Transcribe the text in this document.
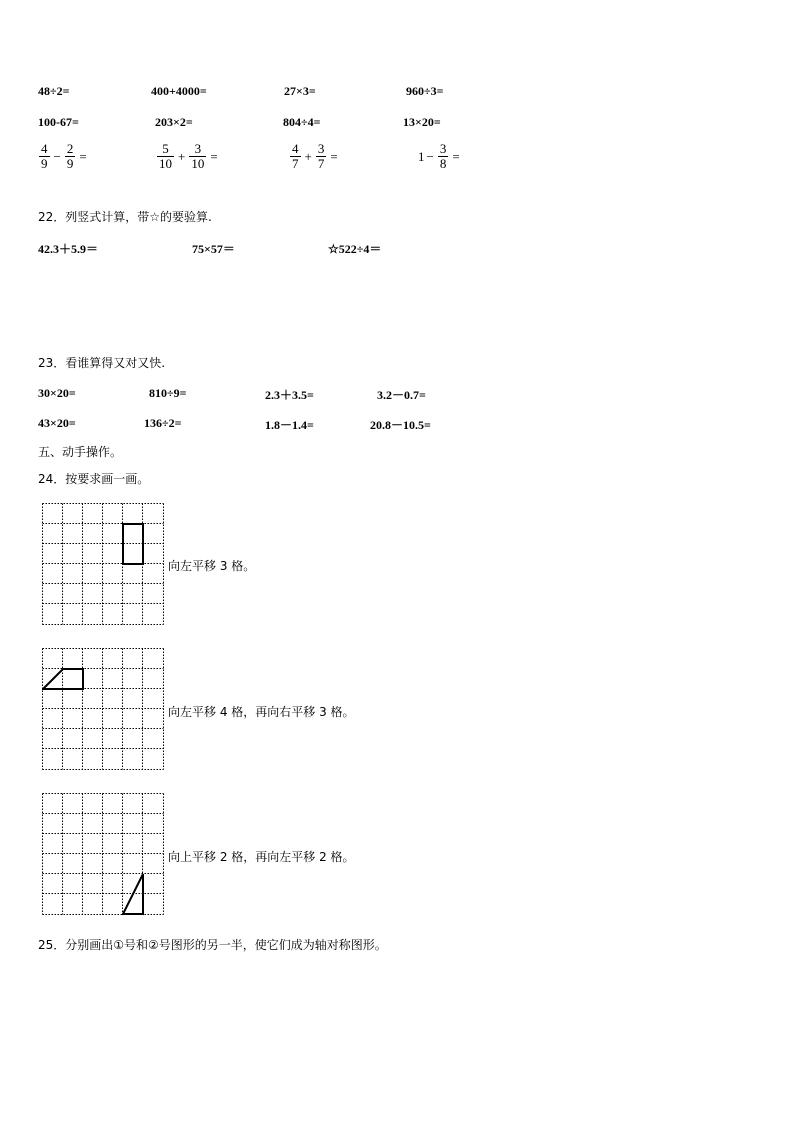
48÷2=	400+4000=	27×3=	960÷3=
100-67=	203×2=	804÷4=	13×20=
$\frac{4}{9} - \frac{2}{9}$ =	$\frac{5}{10} + \frac{3}{10}$ =	$\frac{4}{7} + \frac{3}{7}$ =	$1 - \frac{3}{8}$ =
22．列竖式计算，带☆的要验算.
42.3＋5.9＝	75×57＝	☆522÷4＝
23．看谁算得又对又快.
30×20=	810÷9=	2.3＋3.5=	3.2－0.7=
43×20=	136÷2=	1.8－1.4=	20.8－10.5=
五、动手操作。
24．按要求画一画。
向左平移 3 格。
向左平移 4 格，再向右平移 3 格。
向上平移 2 格，再向左平移 2 格。
25．分别画出①号和②号图形的另一半，使它们成为轴对称图形。
